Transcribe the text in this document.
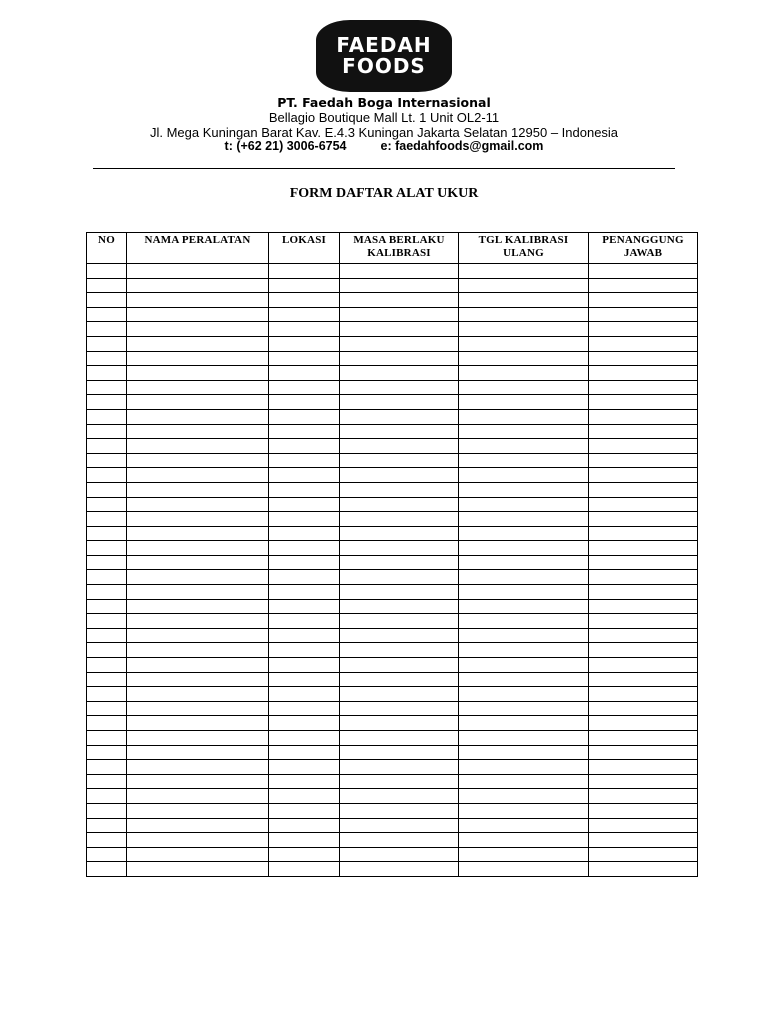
FAEDAH
FOODS
PT. Faedah Boga Internasional
Bellagio Boutique Mall Lt. 1 Unit OL2-11
Jl. Mega Kuningan Barat Kav. E.4.3 Kuningan Jakarta Selatan 12950 – Indonesia
t: (+62 21) 3006-6754	e: faedahfoods@gmail.com
FORM DAFTAR ALAT UKUR
NO	NAMA PERALATAN	LOKASI	MASA BERLAKU KALIBRASI	TGL KALIBRASI ULANG	PENANGGUNG JAWAB
